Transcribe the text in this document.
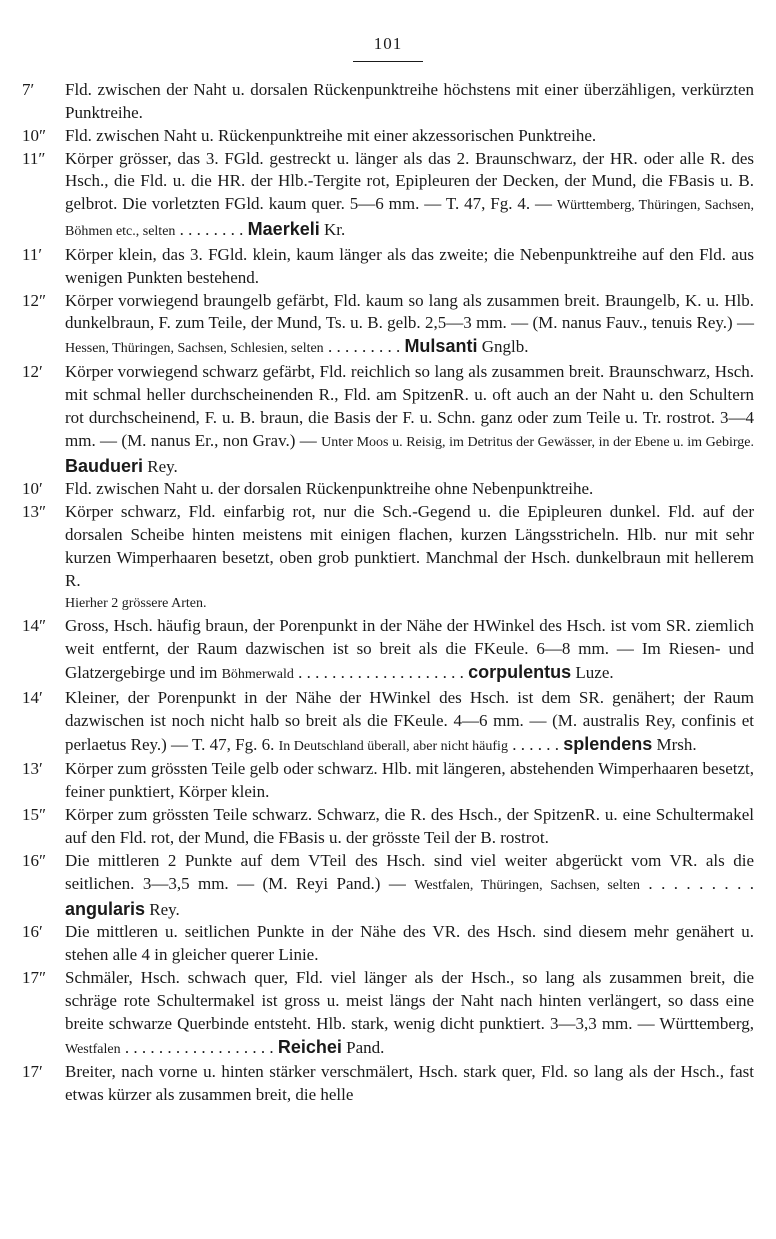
101
7′	Fld. zwischen der Naht u. dorsalen Rückenpunktreihe höchstens mit einer überzähligen, verkürzten Punktreihe.
10″	Fld. zwischen Naht u. Rückenpunktreihe mit einer akzessorischen Punktreihe.
11″	Körper grösser, das 3. FGld. gestreckt u. länger als das 2. Braunschwarz, der HR. oder alle R. des Hsch., die Fld. u. die HR. der Hlb.-Tergite rot, Epipleuren der Decken, der Mund, die FBasis u. B. gelbrot. Die vorletzten FGld. kaum quer. 5—6 mm. — T. 47, Fg. 4. — Württemberg, Thüringen, Sachsen, Böhmen etc., selten . . . . . . . . Maerkeli Kr.
11′	Körper klein, das 3. FGld. klein, kaum länger als das zweite; die Nebenpunktreihe auf den Fld. aus wenigen Punkten bestehend.
12″	Körper vorwiegend braungelb gefärbt, Fld. kaum so lang als zusammen breit. Braungelb, K. u. Hlb. dunkelbraun, F. zum Teile, der Mund, Ts. u. B. gelb. 2,5—3 mm. — (M. nanus Fauv., tenuis Rey.) — Hessen, Thüringen, Sachsen, Schlesien, selten . . . . . . . . . Mulsanti Gnglb.
12′	Körper vorwiegend schwarz gefärbt, Fld. reichlich so lang als zusammen breit. Braunschwarz, Hsch. mit schmal heller durchscheinenden R., Fld. am SpitzenR. u. oft auch an der Naht u. den Schultern rot durchscheinend, F. u. B. braun, die Basis der F. u. Schn. ganz oder zum Teile u. Tr. rostrot. 3—4 mm. — (M. nanus Er., non Grav.) — Unter Moos u. Reisig, im Detritus der Gewässer, in der Ebene u. im Gebirge. Baudueri Rey.
10′	Fld. zwischen Naht u. der dorsalen Rückenpunktreihe ohne Nebenpunktreihe.
13″	Körper schwarz, Fld. einfarbig rot, nur die Sch.-Gegend u. die Epipleuren dunkel. Fld. auf der dorsalen Scheibe hinten meistens mit einigen flachen, kurzen Längsstricheln. Hlb. nur mit sehr kurzen Wimperhaaren besetzt, oben grob punktiert. Manchmal der Hsch. dunkelbraun mit hellerem R.
Hierher 2 grössere Arten.
14″	Gross, Hsch. häufig braun, der Porenpunkt in der Nähe der HWinkel des Hsch. ist vom SR. ziemlich weit entfernt, der Raum dazwischen ist so breit als die FKeule. 6—8 mm. — Im Riesen- und Glatzergebirge und im Böhmerwald . . . . . . . . . . . . . . . . . . . . corpulentus Luze.
14′	Kleiner, der Porenpunkt in der Nähe der HWinkel des Hsch. ist dem SR. genähert; der Raum dazwischen ist noch nicht halb so breit als die FKeule. 4—6 mm. — (M. australis Rey, confinis et perlaetus Rey.) — T. 47, Fg. 6. In Deutschland überall, aber nicht häufig . . . . . . splendens Mrsh.
13′	Körper zum grössten Teile gelb oder schwarz. Hlb. mit längeren, abstehenden Wimperhaaren besetzt, feiner punktiert, Körper klein.
15″	Körper zum grössten Teile schwarz. Schwarz, die R. des Hsch., der SpitzenR. u. eine Schultermakel auf den Fld. rot, der Mund, die FBasis u. der grösste Teil der B. rostrot.
16″	Die mittleren 2 Punkte auf dem VTeil des Hsch. sind viel weiter abgerückt vom VR. als die seitlichen. 3—3,5 mm. — (M. Reyi Pand.) — Westfalen, Thüringen, Sachsen, selten . . . . . . . . . angularis Rey.
16′	Die mittleren u. seitlichen Punkte in der Nähe des VR. des Hsch. sind diesem mehr genähert u. stehen alle 4 in gleicher querer Linie.
17″	Schmäler, Hsch. schwach quer, Fld. viel länger als der Hsch., so lang als zusammen breit, die schräge rote Schultermakel ist gross u. meist längs der Naht nach hinten verlängert, so dass eine breite schwarze Querbinde entsteht. Hlb. stark, wenig dicht punktiert. 3—3,3 mm. — Württemberg, Westfalen . . . . . . . . . . . . . . . . . . Reichei Pand.
17′	Breiter, nach vorne u. hinten stärker verschmälert, Hsch. stark quer, Fld. so lang als der Hsch., fast etwas kürzer als zusammen breit, die helle
